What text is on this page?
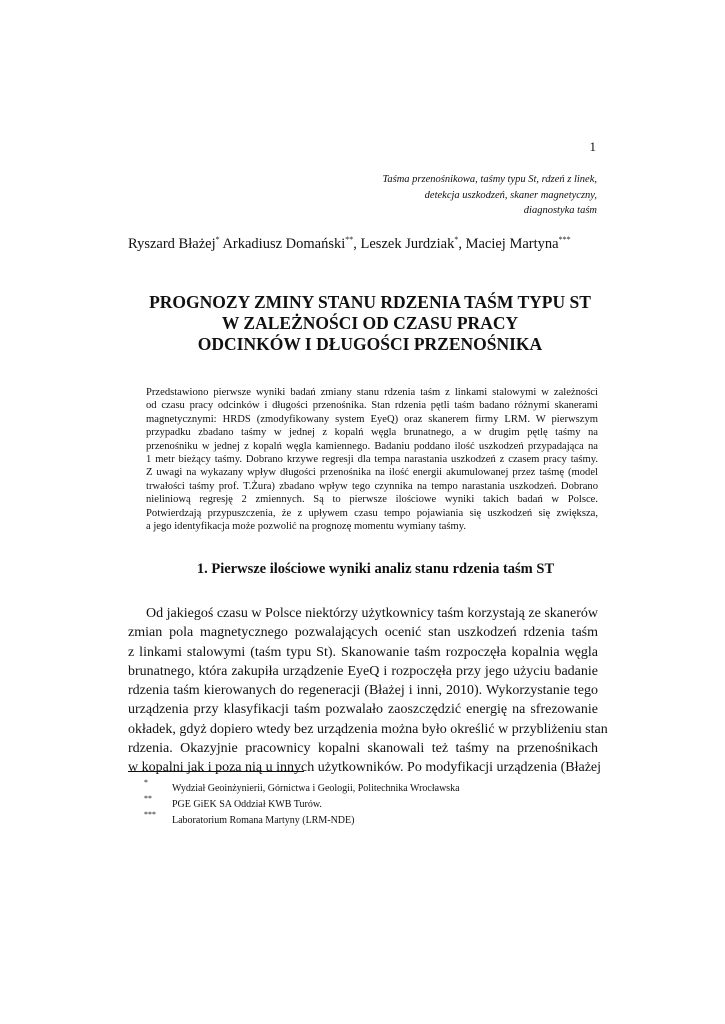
1
Taśma przenośnikowa, taśmy typu St, rdzeń z linek,
detekcja uszkodzeń, skaner magnetyczny,
diagnostyka taśm
Ryszard Błażej* Arkadiusz Domański**, Leszek Jurdziak*, Maciej Martyna***
PROGNOZY ZMINY STANU RDZENIA TAŚM TYPU ST
W ZALEŻNOŚCI OD CZASU PRACY
ODCINKÓW I DŁUGOŚCI PRZENOŚNIKA
Przedstawiono pierwsze wyniki badań zmiany stanu rdzenia taśm z linkami stalowymi w zależności
od czasu pracy odcinków i długości przenośnika. Stan rdzenia pętli taśm badano różnymi skanerami
magnetycznymi: HRDS (zmodyfikowany system EyeQ) oraz skanerem firmy LRM. W pierwszym
przypadku zbadano taśmy w jednej z kopalń węgla brunatnego, a w drugim pętlę taśmy na
przenośniku w jednej z kopalń węgla kamiennego. Badaniu poddano ilość uszkodzeń przypadająca na
1 metr bieżący taśmy. Dobrano krzywe regresji dla tempa narastania uszkodzeń z czasem pracy taśmy.
Z uwagi na wykazany wpływ długości przenośnika na ilość energii akumulowanej przez taśmę (model
trwałości taśmy prof. T.Żura) zbadano wpływ tego czynnika na tempo narastania uszkodzeń. Dobrano
nieliniową regresję 2 zmiennych. Są to pierwsze ilościowe wyniki takich badań w Polsce.
Potwierdzają przypuszczenia, że z upływem czasu tempo pojawiania się uszkodzeń się zwiększa,
a jego identyfikacja może pozwolić na prognozę momentu wymiany taśmy.
1. Pierwsze ilościowe wyniki analiz stanu rdzenia taśm ST
Od jakiegoś czasu w Polsce niektórzy użytkownicy taśm korzystają ze skanerów
zmian pola magnetycznego pozwalających ocenić stan uszkodzeń rdzenia taśm
z linkami stalowymi (taśm typu St). Skanowanie taśm rozpoczęła kopalnia węgla
brunatnego, która zakupiła urządzenie EyeQ i rozpoczęła przy jego użyciu badanie
rdzenia taśm kierowanych do regeneracji (Błażej i inni, 2010). Wykorzystanie tego
urządzenia przy klasyfikacji taśm pozwalało zaoszczędzić energię na sfrezowanie
okładek, gdyż dopiero wtedy bez urządzenia można było określić w przybliżeniu stan
rdzenia. Okazyjnie pracownicy kopalni skanowali też taśmy na przenośnikach
w kopalni jak i poza nią u innych użytkowników. Po modyfikacji urządzenia (Błażej
*
Wydział Geoinżynierii, Górnictwa i Geologii, Politechnika Wrocławska
**
PGE GiEK SA Oddział KWB Turów.
***
Laboratorium Romana Martyny (LRM-NDE)
